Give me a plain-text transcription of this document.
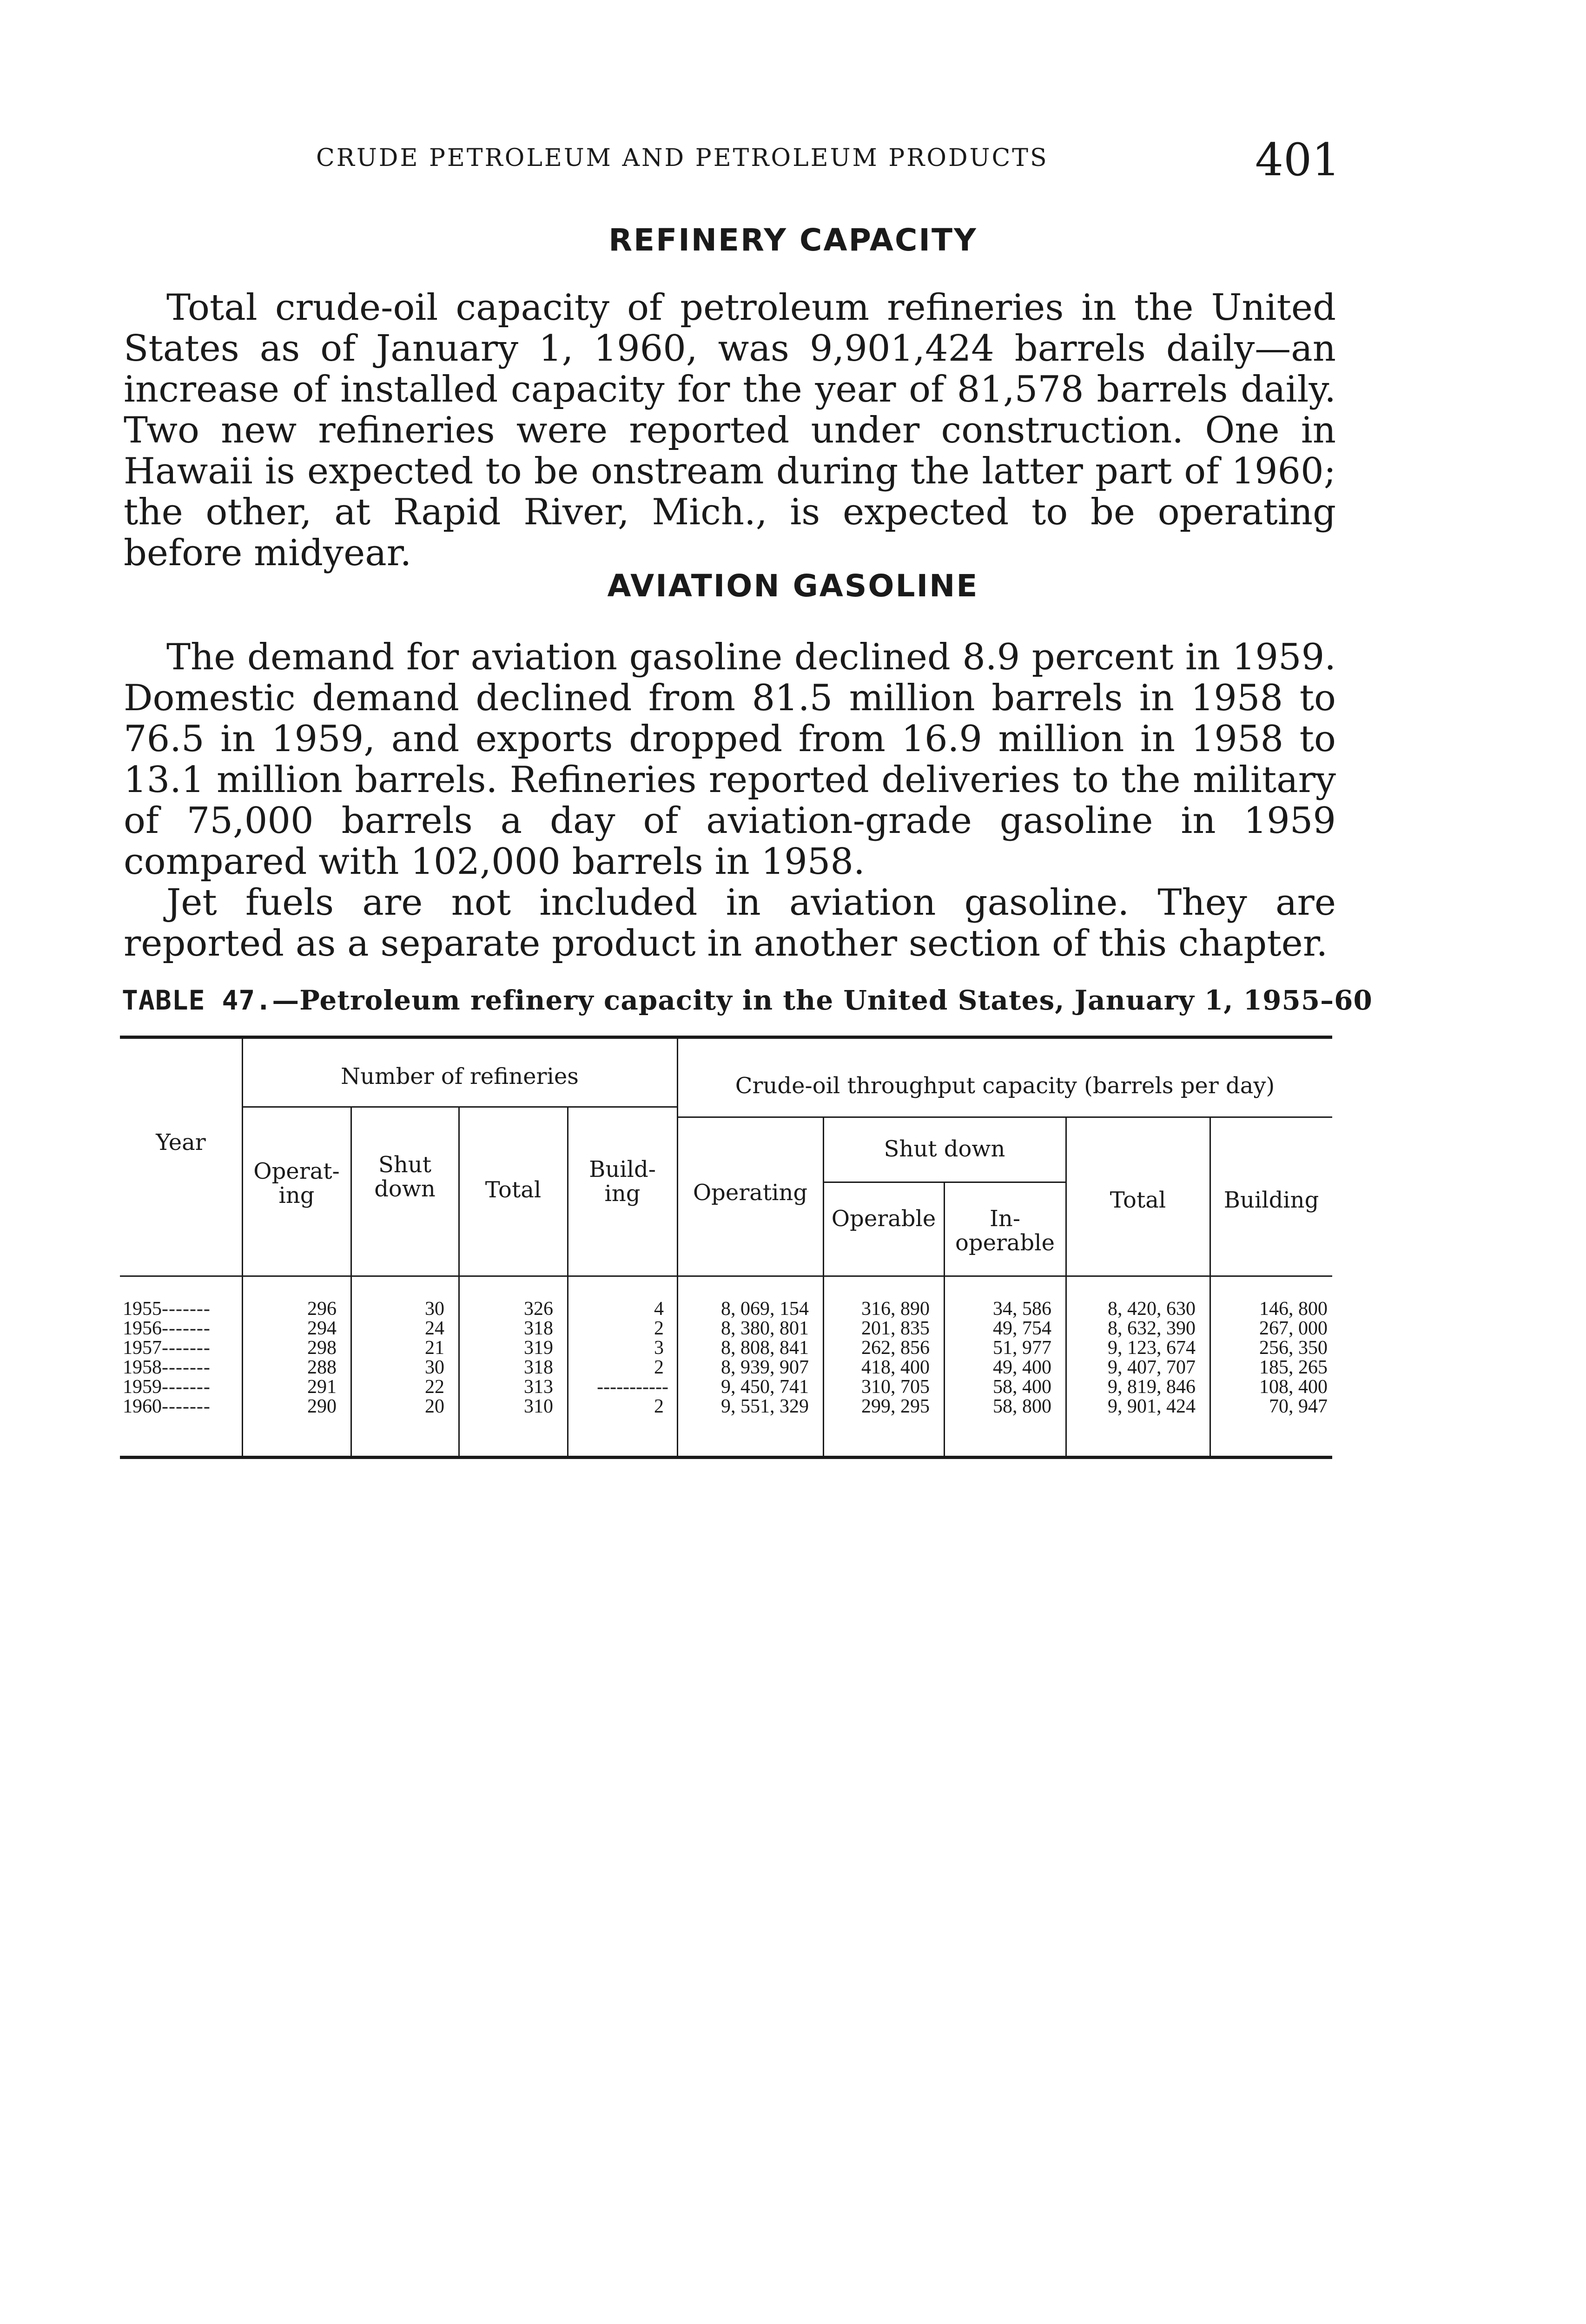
CRUDE PETROLEUM AND PETROLEUM PRODUCTS	401
REFINERY CAPACITY

Total crude-oil capacity of petroleum refineries in the United States as of January 1, 1960, was 9,901,424 barrels daily—an increase of installed capacity for the year of 81,578 barrels daily. Two new refineries were reported under construction. One in Hawaii is expected to be onstream during the latter part of 1960; the other, at Rapid River, Mich., is expected to be operating before midyear.

AVIATION GASOLINE

The demand for aviation gasoline declined 8.9 percent in 1959. Domestic demand declined from 81.5 million barrels in 1958 to 76.5 in 1959, and exports dropped from 16.9 million in 1958 to 13.1 million barrels. Refineries reported deliveries to the military of 75,000 barrels a day of aviation-grade gasoline in 1959 compared with 102,000 barrels in 1958.

Jet fuels are not included in aviation gasoline. They are reported as a separate product in another section of this chapter.

TABLE 47.—Petroleum refinery capacity in the United States, January 1, 1955–60
Year
Number of refineries	Crude-oil throughput capacity (barrels per day)
Operat-
ing
Shut
down	Total
Build-
ing	Operating
Shut down
Operable	In-
operable
Total	Building
1955-------	296	30	326	4	8, 069, 154	316, 890	34, 586	8, 420, 630	146, 800
1956-------	294	24	318	2	8, 380, 801	201, 835	49, 754	8, 632, 390	267, 000
1957-------	298	21	319	3	8, 808, 841	262, 856	51, 977	9, 123, 674	256, 350
1958-------	288	30	318	2	8, 939, 907	418, 400	49, 400	9, 407, 707	185, 265
1959-------	291	22	313	-----------	9, 450, 741	310, 705	58, 400	9, 819, 846	108, 400
1960-------	290	20	310	2	9, 551, 329	299, 295	58, 800	9, 901, 424	70, 947
